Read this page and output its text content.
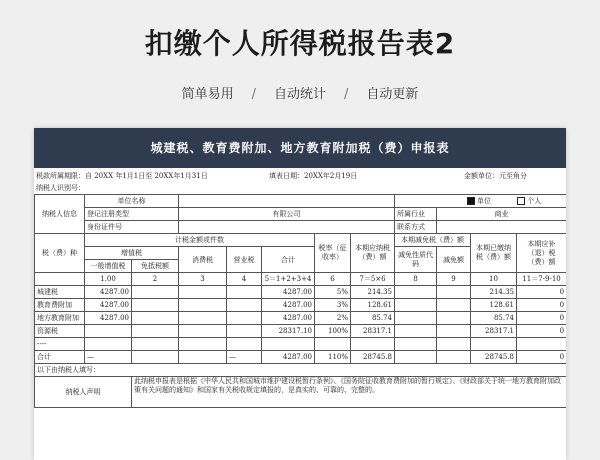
扣缴个人所得税报告表2
简单易用 / 自动统计 / 自动更新
城建税、教育费附加、地方教育附加税（费）申报表
税款所属期限：自 20XX 年1月1日至 20XX年1月31日	填表日期：20XX年2月19日	金额单位：元至角分
纳税人识别号：
纳税人信息	单位名称							单位 个人				
	登记注册类型		有限公司					所属行业	商业			
	身份证件号							联系方式				
税（费）种	计税金额或件数					税率（征收率）	本期应纳税（费）额	本期减免税（费）额		本期已缴纳税（费）额	本期应补（退）税（费）额	
	增值税		消费税	营业税	合计			减免性质代码	减免额			
	一般增值税	免抵税额										
	1.00	2	3	4	5＝1+2+3+4	6	7＝5×6	8	9	10	11＝7-9-10	
城建税	4287.00				4287.00	5%	214.35			214.35	0	
教育费附加	4287.00				4287.00	3%	128.61			128.61	0	
地方教育附加	4287.00				4287.00	2%	85.74			85.74	0	
资源税					28317.10	100%	28317.1			28317.1	0	
----												
合计	—			—	4287.00	110%	28745.8			28745.8	0	
以下由纳税人填写：												
纳税人声明		此纳税申报表是根据《中华人民共和国城市维护建设税暂行条例》、《国务院征收教育费附加的暂行规定》、《财政部关于统一地方教育附加政策有关问题的通知》和国家有关税收规定填报的，是真实的、可靠的、完整的。										
